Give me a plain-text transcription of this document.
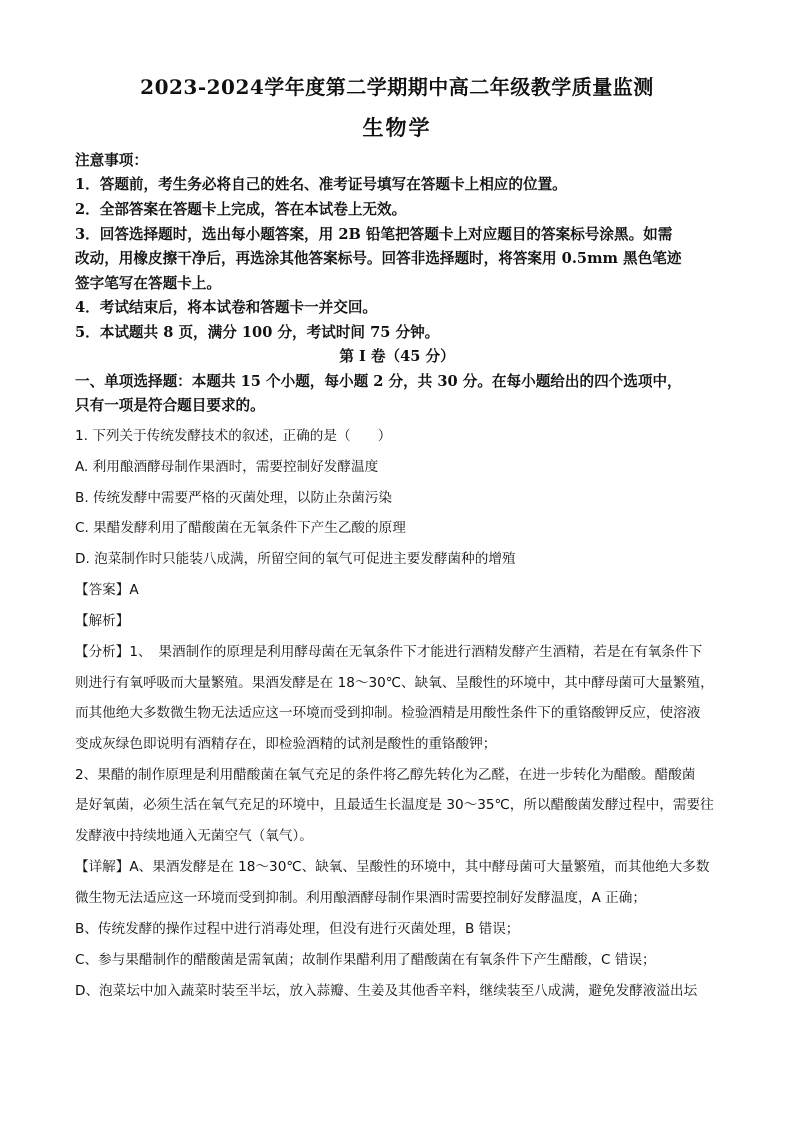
2023-2024学年度第二学期期中高二年级教学质量监测
生物学
注意事项：
1．答题前，考生务必将自己的姓名、准考证号填写在答题卡上相应的位置。
2．全部答案在答题卡上完成，答在本试卷上无效。
3．回答选择题时，选出每小题答案，用 2B 铅笔把答题卡上对应题目的答案标号涂黑。如需
改动，用橡皮擦干净后，再选涂其他答案标号。回答非选择题时，将答案用 0.5mm 黑色笔迹
签字笔写在答题卡上。
4．考试结束后，将本试卷和答题卡一并交回。
5．本试题共 8 页，满分 100 分，考试时间 75 分钟。
第 I 卷（45 分）
一、单项选择题：本题共 15 个小题，每小题 2 分，共 30 分。在每小题给出的四个选项中，
只有一项是符合题目要求的。
1. 下列关于传统发酵技术的叙述，正确的是（　　）
A. 利用酿酒酵母制作果酒时，需要控制好发酵温度
B. 传统发酵中需要严格的灭菌处理，以防止杂菌污染
C. 果醋发酵利用了醋酸菌在无氧条件下产生乙酸的原理
D. 泡菜制作时只能装八成满，所留空间的氧气可促进主要发酵菌种的增殖
【答案】A
【解析】
【分析】1、　果酒制作的原理是利用酵母菌在无氧条件下才能进行酒精发酵产生酒精，若是在有氧条件下
则进行有氧呼吸而大量繁殖。果酒发酵是在 18～30℃、缺氧、呈酸性的环境中，其中酵母菌可大量繁殖，
而其他绝大多数微生物无法适应这一环境而受到抑制。检验酒精是用酸性条件下的重铬酸钾反应，使溶液
变成灰绿色即说明有酒精存在，即检验酒精的试剂是酸性的重铬酸钾；
2、果醋的制作原理是利用醋酸菌在氧气充足的条件将乙醇先转化为乙醛，在进一步转化为醋酸。醋酸菌
是好氧菌，必须生活在氧气充足的环境中，且最适生长温度是 30～35℃，所以醋酸菌发酵过程中，需要往
发酵液中持续地通入无菌空气（氧气）。
【详解】A、果酒发酵是在 18～30℃、缺氧、呈酸性的环境中，其中酵母菌可大量繁殖，而其他绝大多数
微生物无法适应这一环境而受到抑制。利用酿酒酵母制作果酒时需要控制好发酵温度，A 正确；
B、传统发酵的操作过程中进行消毒处理，但没有进行灭菌处理，B 错误；
C、参与果醋制作的醋酸菌是需氧菌；故制作果醋利用了醋酸菌在有氧条件下产生醋酸，C 错误；
D、泡菜坛中加入蔬菜时装至半坛，放入蒜瓣、生姜及其他香辛料，继续装至八成满，避免发酵液溢出坛
